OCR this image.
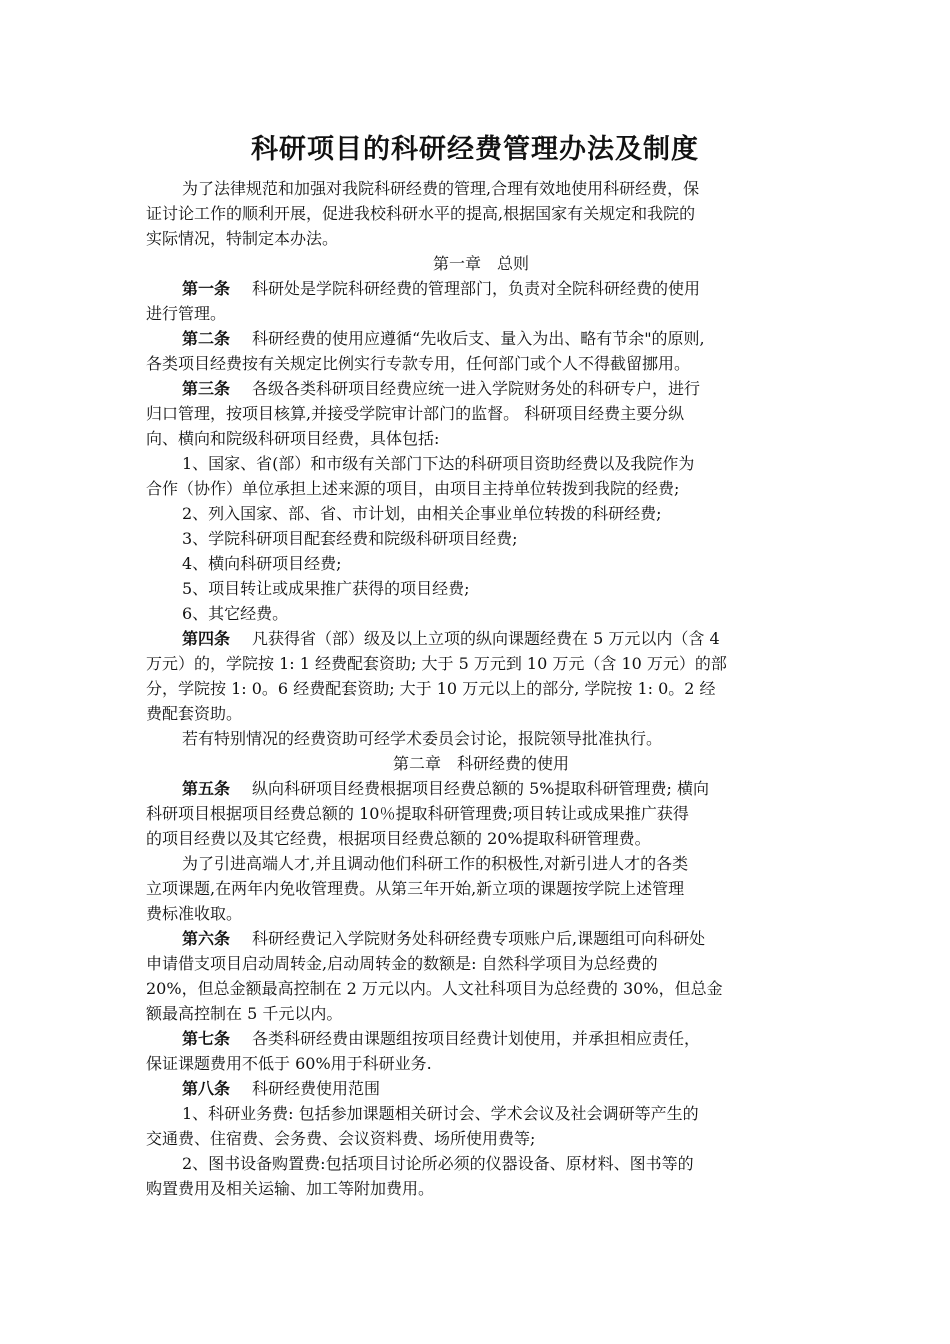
科研项目的科研经费管理办法及制度
为了法律规范和加强对我院科研经费的管理,合理有效地使用科研经费，保
证讨论工作的顺利开展，促进我校科研水平的提高,根据国家有关规定和我院的
实际情况，特制定本办法。
第一章　总则
第一条 科研处是学院科研经费的管理部门，负责对全院科研经费的使用
进行管理。
第二条 科研经费的使用应遵循“先收后支、量入为出、略有节余"的原则,
各类项目经费按有关规定比例实行专款专用，任何部门或个人不得截留挪用。
第三条 各级各类科研项目经费应统一进入学院财务处的科研专户，进行
归口管理，按项目核算,并接受学院审计部门的监督。 科研项目经费主要分纵
向、横向和院级科研项目经费，具体包括:
1、国家、省(部）和市级有关部门下达的科研项目资助经费以及我院作为
合作（协作）单位承担上述来源的项目，由项目主持单位转拨到我院的经费;
2、列入国家、部、省、市计划，由相关企事业单位转拨的科研经费;
3、学院科研项目配套经费和院级科研项目经费;
4、横向科研项目经费;
5、项目转让或成果推广获得的项目经费;
6、其它经费。
第四条 凡获得省（部）级及以上立项的纵向课题经费在 5 万元以内（含 4
万元）的，学院按 1: 1 经费配套资助; 大于 5 万元到 10 万元（含 10 万元）的部
分，学院按 1: 0。6 经费配套资助; 大于 10 万元以上的部分, 学院按 1: 0。2 经
费配套资助。
若有特别情况的经费资助可经学术委员会讨论，报院领导批准执行。
第二章　科研经费的使用
第五条 纵向科研项目经费根据项目经费总额的 5%提取科研管理费; 横向
科研项目根据项目经费总额的 10％提取科研管理费;项目转让或成果推广获得
的项目经费以及其它经费，根据项目经费总额的 20%提取科研管理费。
为了引进高端人才,并且调动他们科研工作的积极性,对新引进人才的各类
立项课题,在两年内免收管理费。从第三年开始,新立项的课题按学院上述管理
费标准收取。
第六条 科研经费记入学院财务处科研经费专项账户后,课题组可向科研处
申请借支项目启动周转金,启动周转金的数额是: 自然科学项目为总经费的
20%，但总金额最高控制在 2 万元以内。人文社科项目为总经费的 30%，但总金
额最高控制在 5 千元以内。
第七条 各类科研经费由课题组按项目经费计划使用，并承担相应责任，
保证课题费用不低于 60%用于科研业务.
第八条 科研经费使用范围
1、科研业务费: 包括参加课题相关研讨会、学术会议及社会调研等产生的
交通费、住宿费、会务费、会议资料费、场所使用费等;
2、图书设备购置费:包括项目讨论所必须的仪器设备、原材料、图书等的
购置费用及相关运输、加工等附加费用。
